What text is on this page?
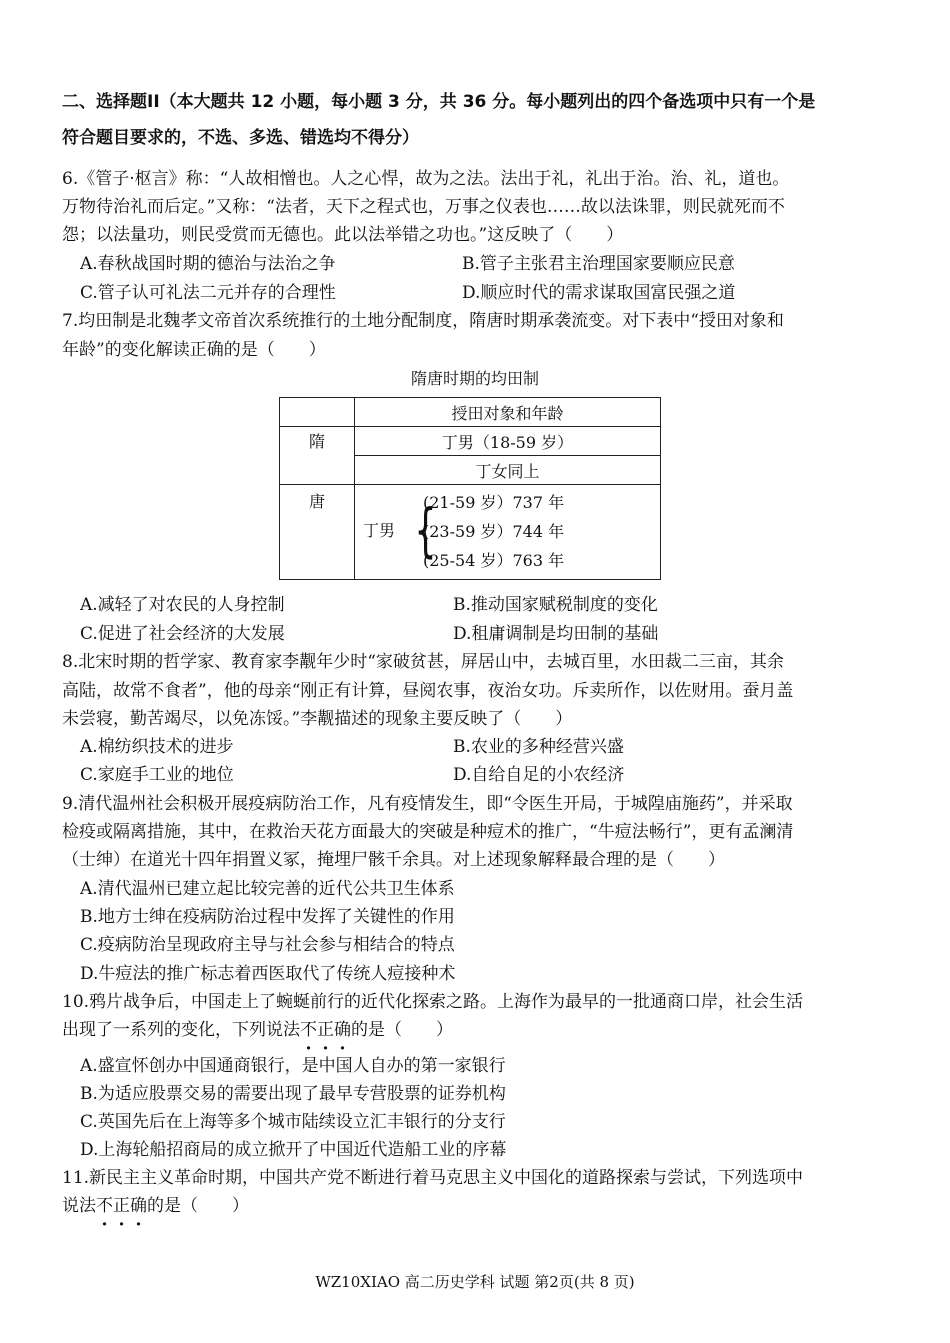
二、选择题II（本大题共 12 小题，每小题 3 分，共 36 分。每小题列出的四个备选项中只有一个是
符合题目要求的，不选、多选、错选均不得分）
6.《管子·枢言》称：“人故相憎也。人之心悍，故为之法。法出于礼，礼出于治。治、礼，道也。
万物待治礼而后定。”又称：“法者，天下之程式也，万事之仪表也……故以法诛罪，则民就死而不
怨；以法量功，则民受赏而无德也。此以法举错之功也。”这反映了（　　）
A.春秋战国时期的德治与法治之争	B.管子主张君主治理国家要顺应民意
C.管子认可礼法二元并存的合理性	D.顺应时代的需求谋取国富民强之道
7.均田制是北魏孝文帝首次系统推行的土地分配制度，隋唐时期承袭流变。对下表中“授田对象和
年龄”的变化解读正确的是（　　）
隋唐时期的均田制
	授田对象和年龄
隋	丁男（18-59 岁）
	丁女同上
唐	丁男 {
(21-59 岁）737 年
(23-59 岁）744 年
(25-54 岁）763 年
A.减轻了对农民的人身控制	B.推动国家赋税制度的变化
C.促进了社会经济的大发展	D.租庸调制是均田制的基础
8.北宋时期的哲学家、教育家李觏年少时“家破贫甚，屏居山中，去城百里，水田裁二三亩，其余
高陆，故常不食者”，他的母亲“刚正有计算，昼阅农事，夜治女功。斥卖所作，以佐财用。蚕月盖
未尝寝，勤苦竭尽，以免冻馁。”李觏描述的现象主要反映了（　　）
A.棉纺织技术的进步	B.农业的多种经营兴盛
C.家庭手工业的地位	D.自给自足的小农经济
9.清代温州社会积极开展疫病防治工作，凡有疫情发生，即“令医生开局，于城隍庙施药”，并采取
检疫或隔离措施，其中，在救治天花方面最大的突破是种痘术的推广，“牛痘法畅行”，更有孟澜清
（士绅）在道光十四年捐置义冢，掩埋尸骸千余具。对上述现象解释最合理的是（　　）
A.清代温州已建立起比较完善的近代公共卫生体系
B.地方士绅在疫病防治过程中发挥了关键性的作用
C.疫病防治呈现政府主导与社会参与相结合的特点
D.牛痘法的推广标志着西医取代了传统人痘接种术
10.鸦片战争后，中国走上了蜿蜒前行的近代化探索之路。上海作为最早的一批通商口岸，社会生活
出现了一系列的变化，下列说法不正确的是（　　）
A.盛宣怀创办中国通商银行，是中国人自办的第一家银行
B.为适应股票交易的需要出现了最早专营股票的证券机构
C.英国先后在上海等多个城市陆续设立汇丰银行的分支行
D.上海轮船招商局的成立掀开了中国近代造船工业的序幕
11.新民主主义革命时期，中国共产党不断进行着马克思主义中国化的道路探索与尝试，下列选项中
说法不正确的是（　　）
WZ10XIAO 高二历史学科 试题 第2页(共 8 页)
